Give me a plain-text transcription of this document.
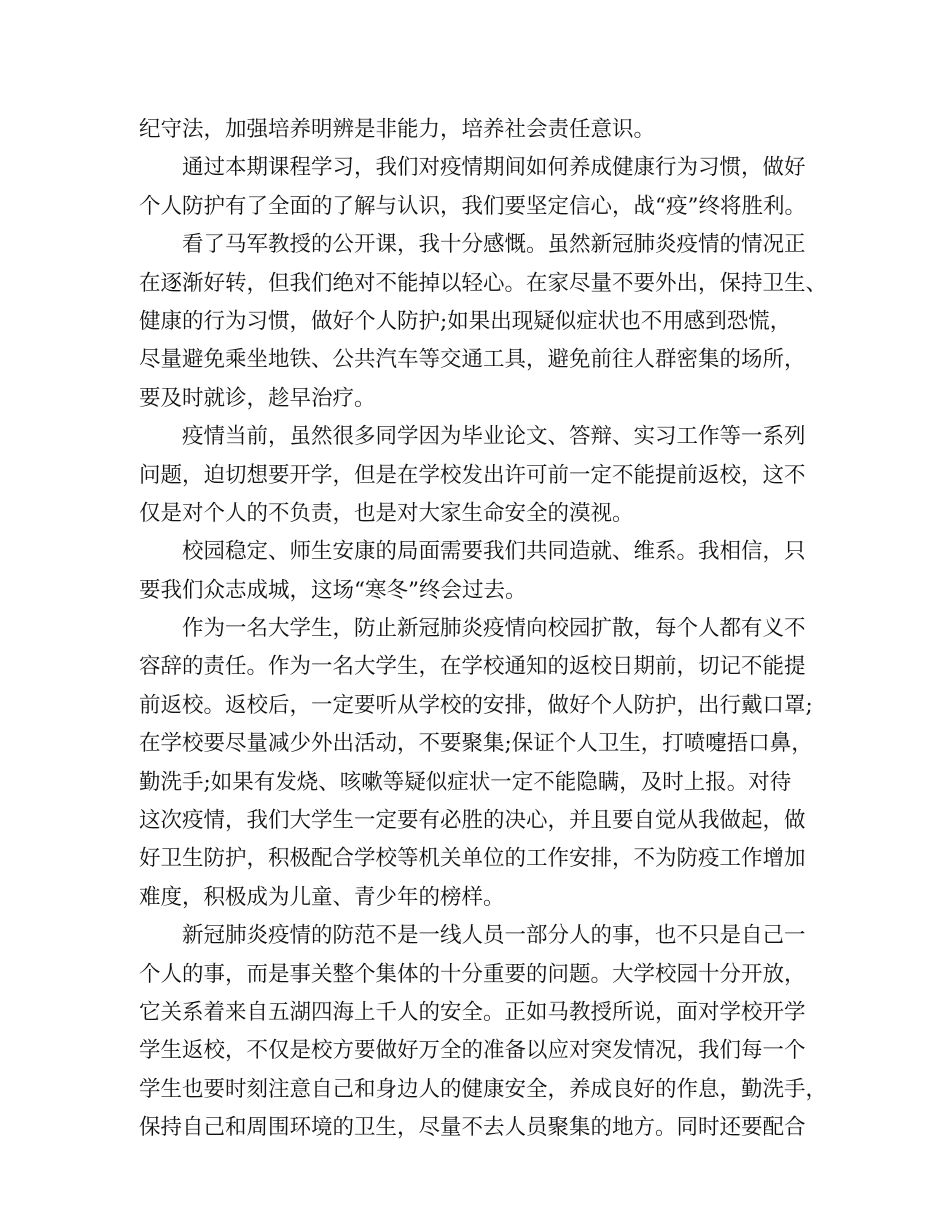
纪守法，加强培养明辨是非能力，培养社会责任意识。
通过本期课程学习，我们对疫情期间如何养成健康行为习惯，做好
个人防护有了全面的了解与认识，我们要坚定信心，战“疫”终将胜利。
看了马军教授的公开课，我十分感慨。虽然新冠肺炎疫情的情况正
在逐渐好转，但我们绝对不能掉以轻心。在家尽量不要外出，保持卫生、
健康的行为习惯，做好个人防护;如果出现疑似症状也不用感到恐慌，
尽量避免乘坐地铁、公共汽车等交通工具，避免前往人群密集的场所，
要及时就诊，趁早治疗。
疫情当前，虽然很多同学因为毕业论文、答辩、实习工作等一系列
问题，迫切想要开学，但是在学校发出许可前一定不能提前返校，这不
仅是对个人的不负责，也是对大家生命安全的漠视。
校园稳定、师生安康的局面需要我们共同造就、维系。我相信，只
要我们众志成城，这场“寒冬”终会过去。
作为一名大学生，防止新冠肺炎疫情向校园扩散，每个人都有义不
容辞的责任。作为一名大学生，在学校通知的返校日期前，切记不能提
前返校。返校后，一定要听从学校的安排，做好个人防护，出行戴口罩;
在学校要尽量减少外出活动，不要聚集;保证个人卫生，打喷嚏捂口鼻，
勤洗手;如果有发烧、咳嗽等疑似症状一定不能隐瞒，及时上报。对待
这次疫情，我们大学生一定要有必胜的决心，并且要自觉从我做起，做
好卫生防护，积极配合学校等机关单位的工作安排，不为防疫工作增加
难度，积极成为儿童、青少年的榜样。
新冠肺炎疫情的防范不是一线人员一部分人的事，也不只是自己一
个人的事，而是事关整个集体的十分重要的问题。大学校园十分开放，
它关系着来自五湖四海上千人的安全。正如马教授所说，面对学校开学
学生返校，不仅是校方要做好万全的准备以应对突发情况，我们每一个
学生也要时刻注意自己和身边人的健康安全，养成良好的作息，勤洗手，
保持自己和周围环境的卫生，尽量不去人员聚集的地方。同时还要配合
